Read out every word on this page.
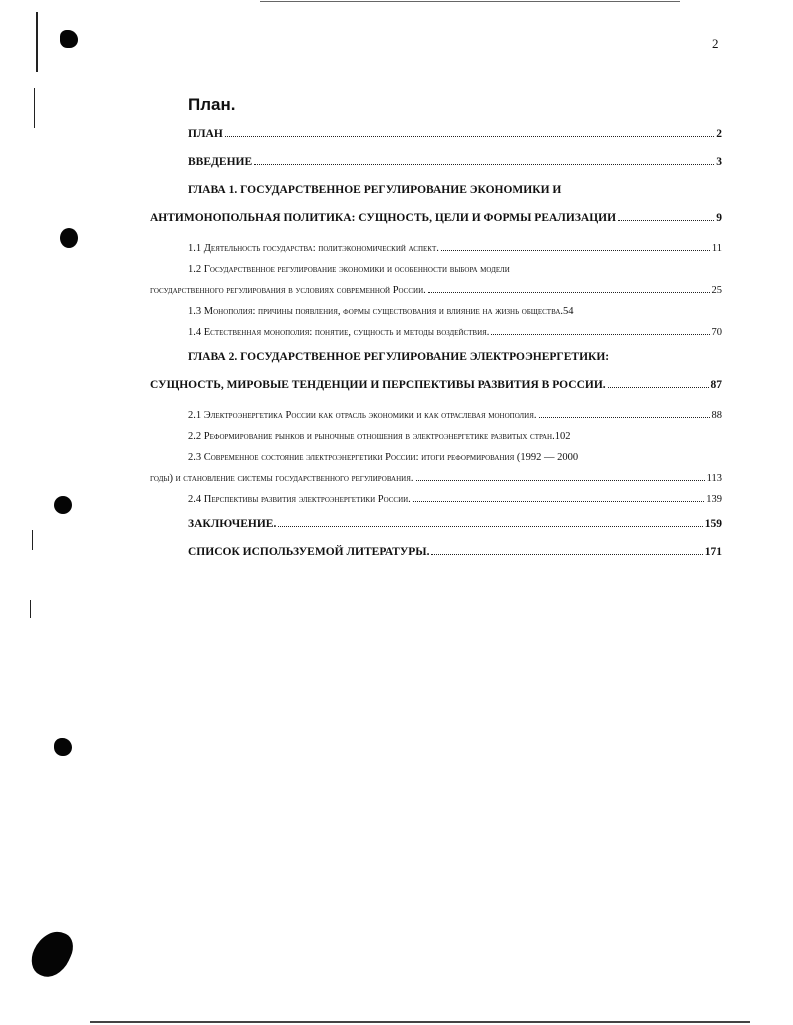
2
План.
ПЛАН	2
ВВЕДЕНИЕ	3
ГЛАВА 1. ГОСУДАРСТВЕННОЕ РЕГУЛИРОВАНИЕ ЭКОНОМИКИ И
АНТИМОНОПОЛЬНАЯ ПОЛИТИКА: СУЩНОСТЬ, ЦЕЛИ И ФОРМЫ РЕАЛИЗАЦИИ	9
1.1 Деятельность государства: политэкономический аспект.	11
1.2 Государственное регулирование экономики и особенности выбора модели
государственного регулирования в условиях современной России.	25
1.3 Монополия: причины появления, формы существования и влияние на жизнь общества. 54
1.4 Естественная монополия: понятие, сущность и методы воздействия.	70
ГЛАВА 2. ГОСУДАРСТВЕННОЕ РЕГУЛИРОВАНИЕ ЭЛЕКТРОЭНЕРГЕТИКИ:
СУЩНОСТЬ, МИРОВЫЕ ТЕНДЕНЦИИ И ПЕРСПЕКТИВЫ РАЗВИТИЯ В РОССИИ.	87
2.1 Электроэнергетика России как отрасль экономики и как отраслевая монополия.	88
2.2 Реформирование рынков и рыночные отношения в электроэнергетике развитых стран. 102
2.3 Современное состояние электроэнергетики России: итоги реформирования (1992 — 2000
годы) и становление системы государственного регулирования.	113
2.4 Перспективы развития электроэнергетики России.	139
ЗАКЛЮЧЕНИЕ.	159
СПИСОК ИСПОЛЬЗУЕМОЙ ЛИТЕРАТУРЫ.	171
